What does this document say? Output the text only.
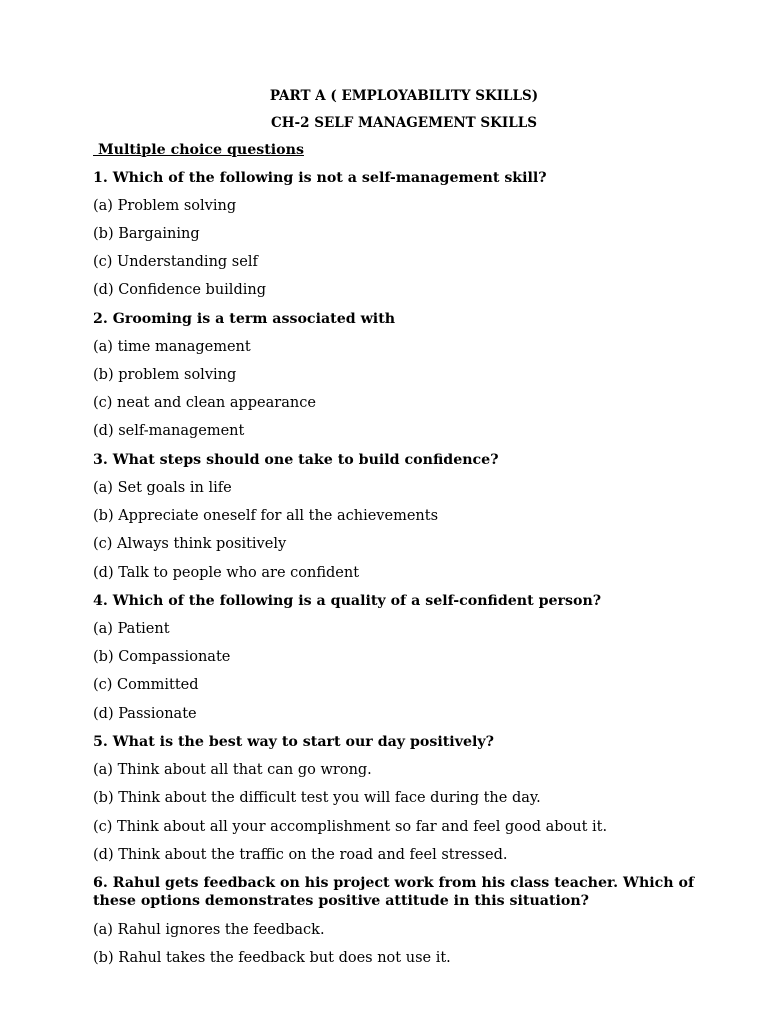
PART A ( EMPLOYABILITY SKILLS)
CH-2 SELF MANAGEMENT SKILLS
Multiple choice questions
1. Which of the following is not a self-management skill?
(a) Problem solving
(b) Bargaining
(c) Understanding self
(d) Confidence building
2. Grooming is a term associated with
(a) time management
(b) problem solving
(c) neat and clean appearance
(d) self-management
3. What steps should one take to build confidence?
(a) Set goals in life
(b) Appreciate oneself for all the achievements
(c) Always think positively
(d) Talk to people who are confident
4. Which of the following is a quality of a self-confident person?
(a) Patient
(b) Compassionate
(c) Committed
(d) Passionate
5. What is the best way to start our day positively?
(a) Think about all that can go wrong.
(b) Think about the difficult test you will face during the day.
(c) Think about all your accomplishment so far and feel good about it.
(d) Think about the traffic on the road and feel stressed.
6. Rahul gets feedback on his project work from his class teacher. Which of
these options demonstrates positive attitude in this situation?
(a) Rahul ignores the feedback.
(b) Rahul takes the feedback but does not use it.
